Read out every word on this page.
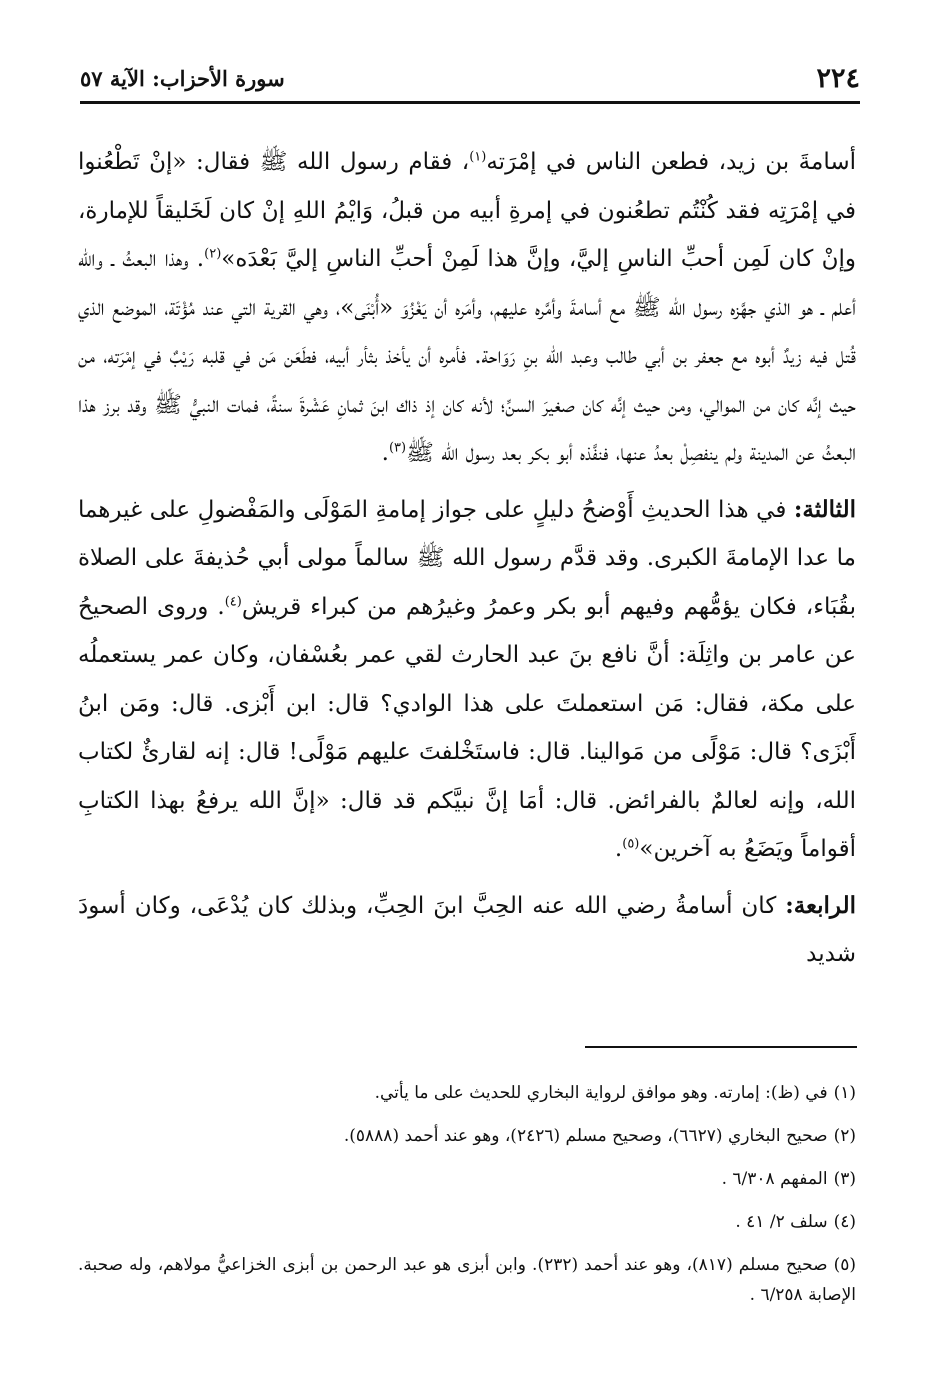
٢٢٤
سورة الأحزاب: الآية ٥٧

أسامةَ بن زيد، فطعن الناس في إمْرَته$^{(١)}$، فقام رسول الله ﷺ فقال: «إنْ تَطْعُنوا في إمْرَتِه فقد كُنْتُم تطعُنون في إمرةِ أبيه من قبلُ، وَايْمُ اللهِ إنْ كان لَخَليقاً للإمارة، وإنْ كان لَمِن أحبِّ الناسِ إليَّ، وإنَّ هذا لَمِنْ أحبِّ الناسِ إليَّ بَعْدَه»$^{(٢)}$. وهذا البعثُ ـ والله أعلم ـ هو الذي جهَّزه رسول الله ﷺ مع أسامةَ وأمَّره عليهم، وأمَره أن يَغْزُوَ «أُبْنَى»، وهي القرية التي عند مُؤْتَة، الموضع الذي قُتل فيه زيدٌ أبوه مع جعفر بن أبي طالب وعبد الله بنِ رَوَاحة. فأمره أن يأخذ بثأر أبيه، فطَعَن مَن في قلبه رَيْبٌ في إمْرَته، من حيث إنَّه كان من الموالي، ومن حيث إنَّه كان صغيرَ السنِّ؛ لأنه كان إذ ذاك ابنَ ثمانِ عَشْرةَ سنةً، فمات النبيُّ ﷺ وقد برز هذا البعثُ عن المدينة ولم ينفصِلْ بعدُ عنها، فنفَّذه أبو بكر بعد رسول الله ﷺ$^{(٣)}$.

الثالثة: في هذا الحديثِ أَوْضحُ دليلٍ على جواز إمامةِ المَوْلَى والمَفْضولِ على غيرهما ما عدا الإمامةَ الكبرى. وقد قدَّم رسول الله ﷺ سالماً مولى أبي حُذيفةَ على الصلاة بقُبَاء، فكان يؤمُّهم وفيهم أبو بكر وعمرُ وغيرُهم من كبراء قريش$^{(٤)}$. وروى الصحيحُ عن عامر بن واثِلَة: أنَّ نافع بنَ عبد الحارث لقي عمر بعُسْفان، وكان عمر يستعملُه على مكة، فقال: مَن استعملتَ على هذا الوادي؟ قال: ابن أَبْزى. قال: ومَن ابنُ أَبْزَى؟ قال: مَوْلًى من مَوالينا. قال: فاستَخْلفتَ عليهم مَوْلًى! قال: إنه لقارئٌ لكتاب الله، وإنه لعالمٌ بالفرائض. قال: أمَا إنَّ نبيَّكم قد قال: «إنَّ الله يرفعُ بهذا الكتابِ أقواماً ويَضَعُ به آخرين»$^{(٥)}$.

الرابعة: كان أسامةُ رضي الله عنه الحِبَّ ابنَ الحِبِّ، وبذلك كان يُدْعَى، وكان أسودَ شديد

(١)في (ظ): إمارته. وهو موافق لرواية البخاري للحديث على ما يأتي.

(٢)صحيح البخاري (٦٦٢٧)، وصحيح مسلم (٢٤٢٦)، وهو عند أحمد (٥٨٨٨).

(٣)المفهم ٦/٣٠٨ .

(٤)سلف ٢/ ٤١ .

(٥)صحيح مسلم (٨١٧)، وهو عند أحمد (٢٣٢). وابن أبزى هو عبد الرحمن بن أبزى الخزاعيُّ مولاهم، وله صحبة. الإصابة ٦/٢٥٨ .
